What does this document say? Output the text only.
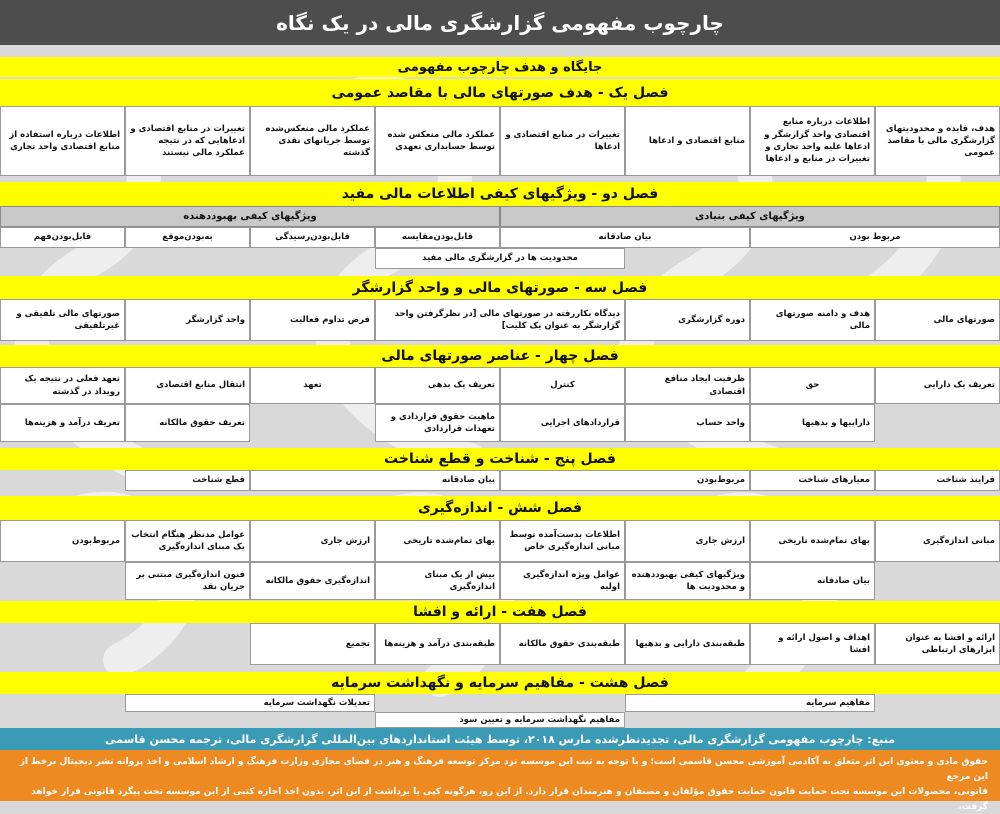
چارچوب مفهومی گزارشگری مالی در یک نگاه
جایگاه و هدف چارچوب مفهومی
فصل یک - هدف صورتهای مالی با مقاصد عمومی
هدف، فایده و محدودیتهای گزارشگری مالی با مقاصد عمومی
اطلاعات درباره منابع اقتصادی واحد گزارشگر و ادعاها علیه واحد تجاری و تغییرات در منابع و ادعاها
منابع اقتصادی و ادعاها
تغییرات در منابع اقتصادی و ادعاها
عملکرد مالی منعکس شده توسط حسابداری تعهدی
عملکرد مالی منعکس‌شده توسط جریانهای نقدی گذشته
تغییرات در منابع اقتصادی و ادعاهایی که در نتیجه عملکرد مالی نیستند
اطلاعات درباره استفاده از منابع اقتصادی واحد تجاری
فصل دو - ویژگیهای کیفی اطلاعات مالی مفید
ویژگیهای کیفی بنیادی
ویژگیهای کیفی بهبوددهنده
مربوط بودن
بیان صادقانه
قابل‌بودن‌مقایسه
قابل‌بودن‌رسیدگی
به‌بودن‌موقع
قابل‌بودن‌فهم
محدودیت ها در گزارشگری مالی مفید
فصل سه - صورتهای مالی و واحد گزارشگر
صورتهای مالی
هدف و دامنه صورتهای مالی
دوره گزارشگری
دیدگاه بکاررفته در صورتهای مالی [در نظرگرفتن واحد گزارشگر به عنوان یک کلیت]
فرض تداوم فعالیت
واحد گزارشگر
صورتهای مالی تلفیقی و غیرتلفیقی
فصل چهار - عناصر صورتهای مالی
تعریف یک دارایی
حق
ظرفیت ایجاد منافع اقتصادی
کنترل
تعریف یک بدهی
تعهد
انتقال منابع اقتصادی
تعهد فعلی در نتیجه یک رویداد در گذشته
داراییها و بدهیها
واحد حساب
قراردادهای اجرایی
ماهیت حقوق قراردادی و تعهدات قراردادی
تعریف حقوق مالکانه
تعریف درآمد و هزینه‌ها
فصل پنج - شناخت و قطع شناخت
فرایند شناخت
معیارهای شناخت
مربوط‌بودن
بیان صادقانه
قطع شناخت
فصل شش - اندازه‌گیری
مبانی اندازه‌گیری
بهای تمام‌شده تاریخی
ارزش جاری
اطلاعات بدست‌آمده توسط مبانی اندازه‌گیری خاص
بهای تمام‌شده تاریخی
ارزش جاری
عوامل مدنظر هنگام انتخاب یک مبنای اندازه‌گیری
مربوط‌بودن
بیان صادقانه
ویژگیهای کیفی بهبوددهنده و محدودیت ها
عوامل ویژه اندازه‌گیری اولیه
بیش از یک مبنای اندازه‌گیری
اندازه‌گیری حقوق مالکانه
فنون اندازه‌گیری مبتنی بر جریان نقد
فصل هفت - ارائه و افشا
ارائه و افشا به عنوان ابزارهای ارتباطی
اهداف و اصول ارائه و افشا
طبقه‌بندی دارایی و بدهیها
طبقه‌بندی حقوق مالکانه
طبقه‌بندی درآمد و هزینه‌ها
تجمیع
فصل هشت - مفاهیم سرمایه و نگهداشت سرمایه
مفاهیم سرمایه
تعدیلات نگهداشت سرمایه
مفاهیم نگهداشت سرمایه و تعیین سود
منبع: چارچوب مفهومی گزارشگری مالی، تجدیدنظرشده مارس ۲۰۱۸، توسط هیئت استانداردهای بین‌المللی گزارشگری مالی، ترجمه محسن قاسمی
حقوق مادی و معنوی این اثر متعلق به آکادمی آموزشی محسن قاسمی است؛ و با توجه به ثبت این موسسه نزد مرکز توسعه فرهنگ و هنر در فضای مجازی وزارت فرهنگ و ارشاد اسلامی و اخذ پروانه نشر دیجیتال برخط از این مرجع
قانونی، محصولات این موسسه تحت حمایت قانون حمایت حقوق مؤلفان و مصنفان و هنرمندان قرار دارد. از این رو، هرگونه کپی یا برداشت از این اثر، بدون اخذ اجازه کتبی از این موسسه تحت پیگرد قانونی قرار خواهد گرفت.
